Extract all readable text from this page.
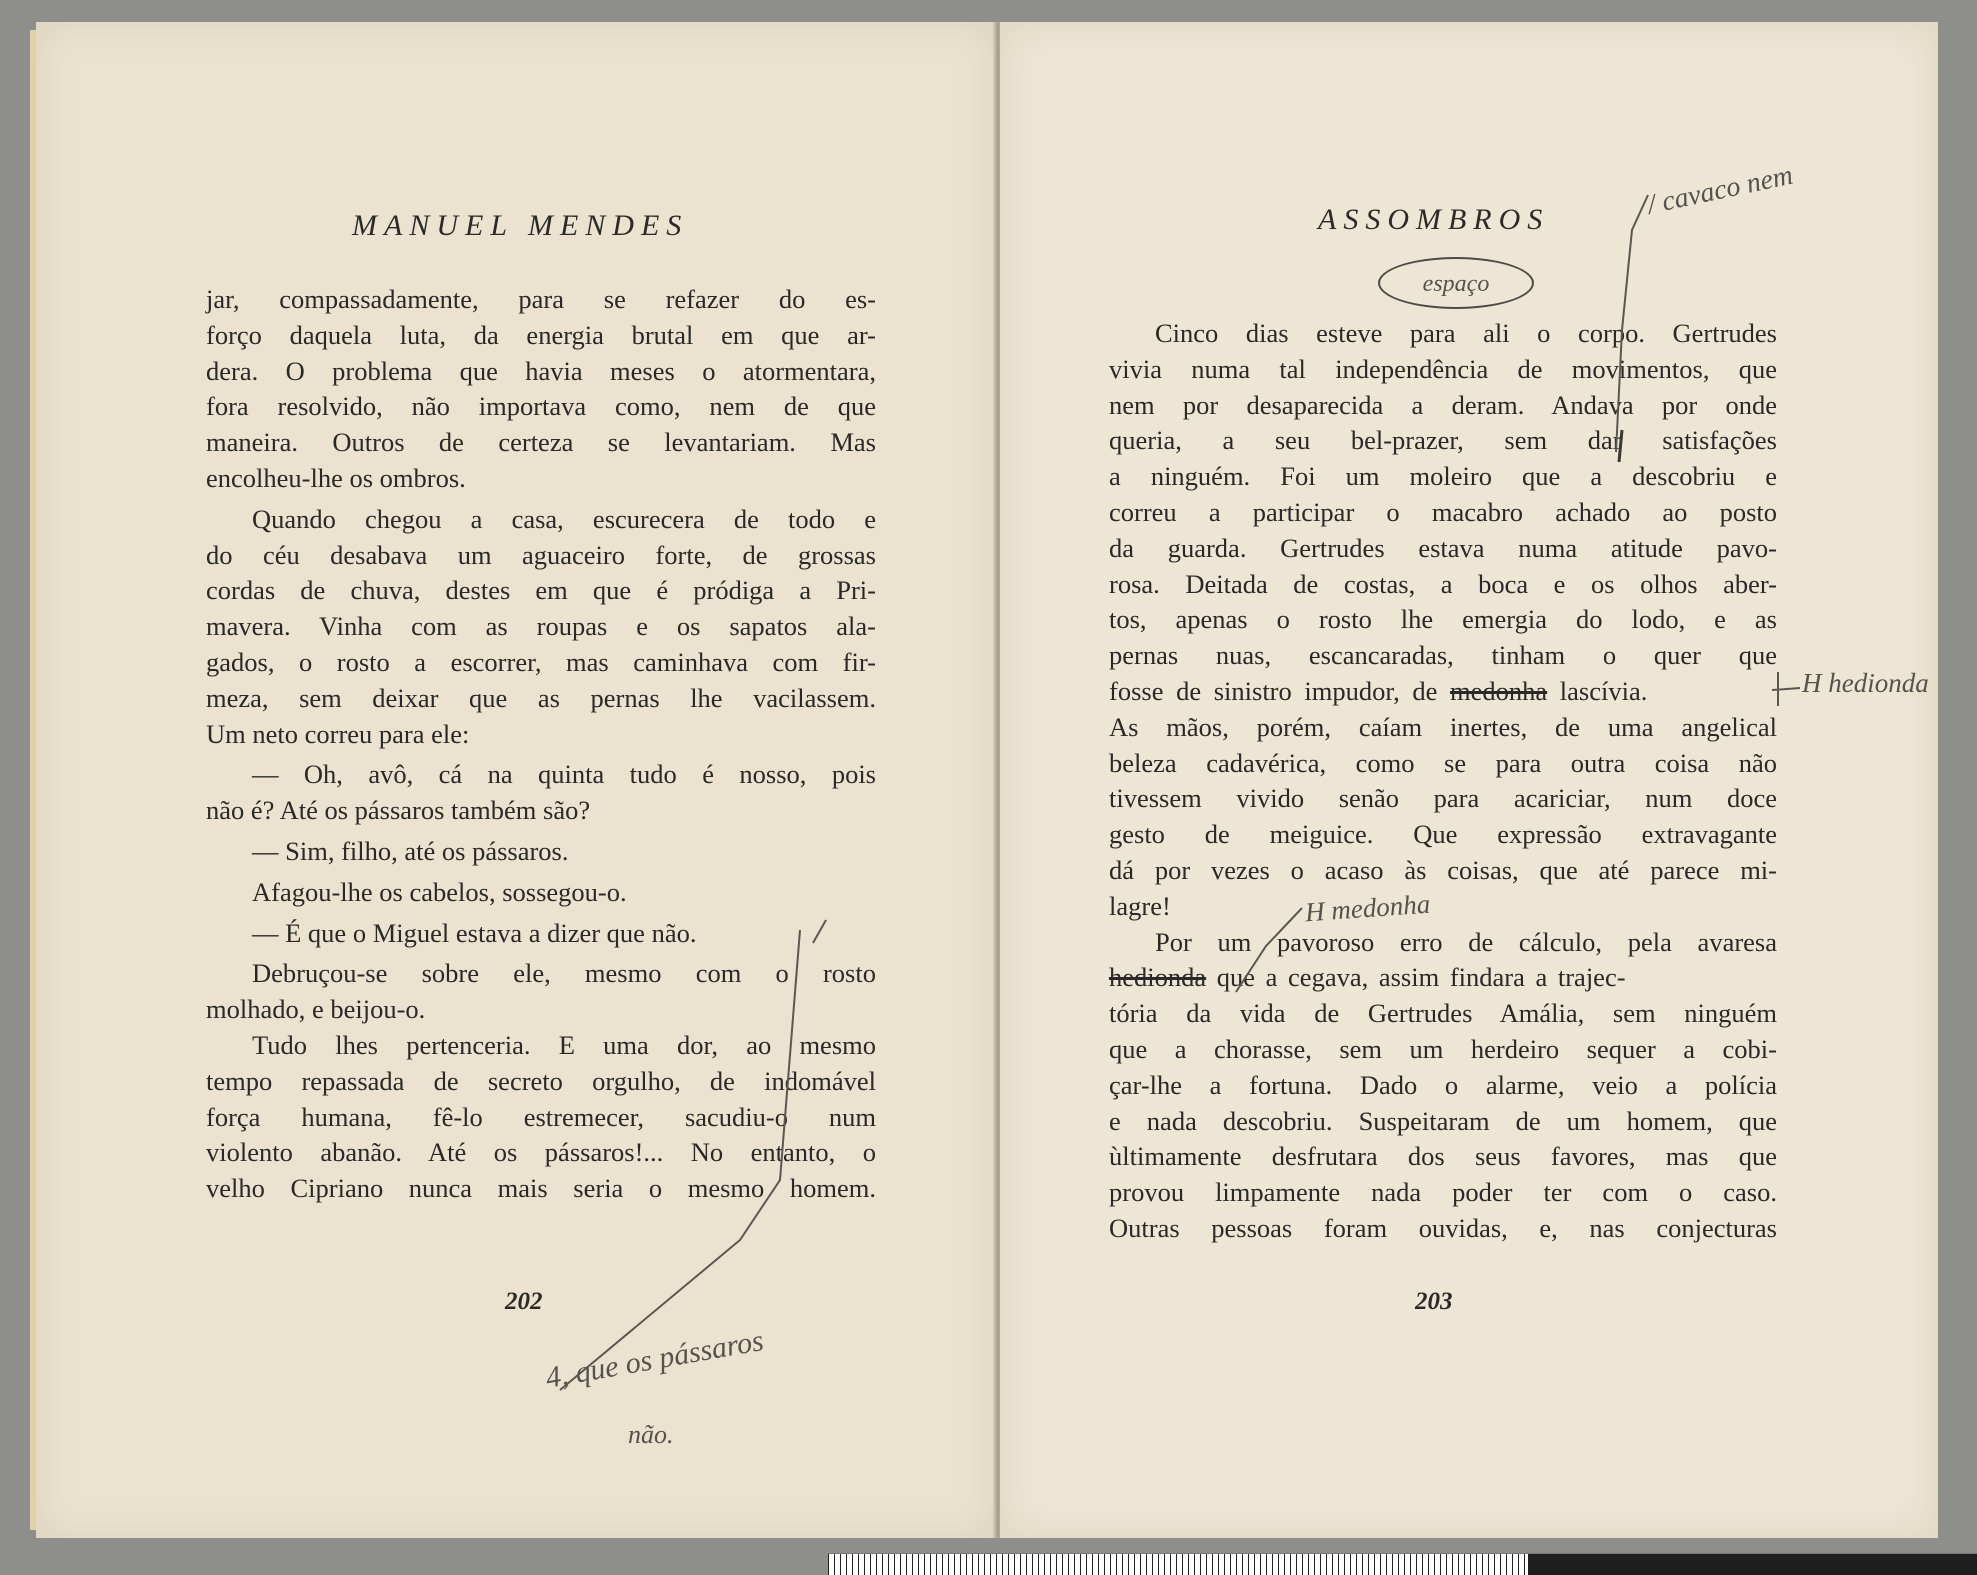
MANUEL MENDES
jar, compassadamente, para se refazer do es-
forço daquela luta, da energia brutal em que ar-
dera. O problema que havia meses o atormentara,
fora resolvido, não importava como, nem de que
maneira. Outros de certeza se levantariam. Mas
encolheu-lhe os ombros.
Quando chegou a casa, escurecera de todo e
do céu desabava um aguaceiro forte, de grossas
cordas de chuva, destes em que é pródiga a Pri-
mavera. Vinha com as roupas e os sapatos ala-
gados, o rosto a escorrer, mas caminhava com fir-
meza, sem deixar que as pernas lhe vacilassem.
Um neto correu para ele:
— Oh, avô, cá na quinta tudo é nosso, pois
não é? Até os pássaros também são?
— Sim, filho, até os pássaros.
Afagou-lhe os cabelos, sossegou-o.
— É que o Miguel estava a dizer que não.
Debruçou-se sobre ele, mesmo com o rosto
molhado, e beijou-o.
Tudo lhes pertenceria. E uma dor, ao mesmo
tempo repassada de secreto orgulho, de indomável
força humana, fê-lo estremecer, sacudiu-o num
violento abanão. Até os pássaros!... No entanto, o
velho Cipriano nunca mais seria o mesmo homem.
202
4, que os pássaros
não.
ASSOMBROS	/ cavaco nem
espaço
Cinco dias esteve para ali o corpo. Gertrudes
vivia numa tal independência de movimentos, que
nem por desaparecida a deram. Andava por onde
queria, a seu bel-prazer, sem dar satisfações
a ninguém. Foi um moleiro que a descobriu e
correu a participar o macabro achado ao posto
da guarda. Gertrudes estava numa atitude pavo-
rosa. Deitada de costas, a boca e os olhos aber-
tos, apenas o rosto lhe emergia do lodo, e as
pernas nuas, escancaradas, tinham o quer que
fosse de sinistro impudor, de medonha lascívia.
As mãos, porém, caíam inertes, de uma angelical
beleza cadavérica, como se para outra coisa não
tivessem vivido senão para acariciar, num doce
gesto de meiguice. Que expressão extravagante
dá por vezes o acaso às coisas, que até parece mi-
lagre!
Por um pavoroso erro de cálculo, pela avaresa
hedionda que a cegava, assim findara a trajec-
tória da vida de Gertrudes Amália, sem ninguém
que a chorasse, sem um herdeiro sequer a cobi-
çar-lhe a fortuna. Dado o alarme, veio a polícia
e nada descobriu. Suspeitaram de um homem, que
ùltimamente desfrutara dos seus favores, mas que
provou limpamente nada poder ter com o caso.
Outras pessoas foram ouvidas, e, nas conjecturas
H hedionda
H medonha
203
